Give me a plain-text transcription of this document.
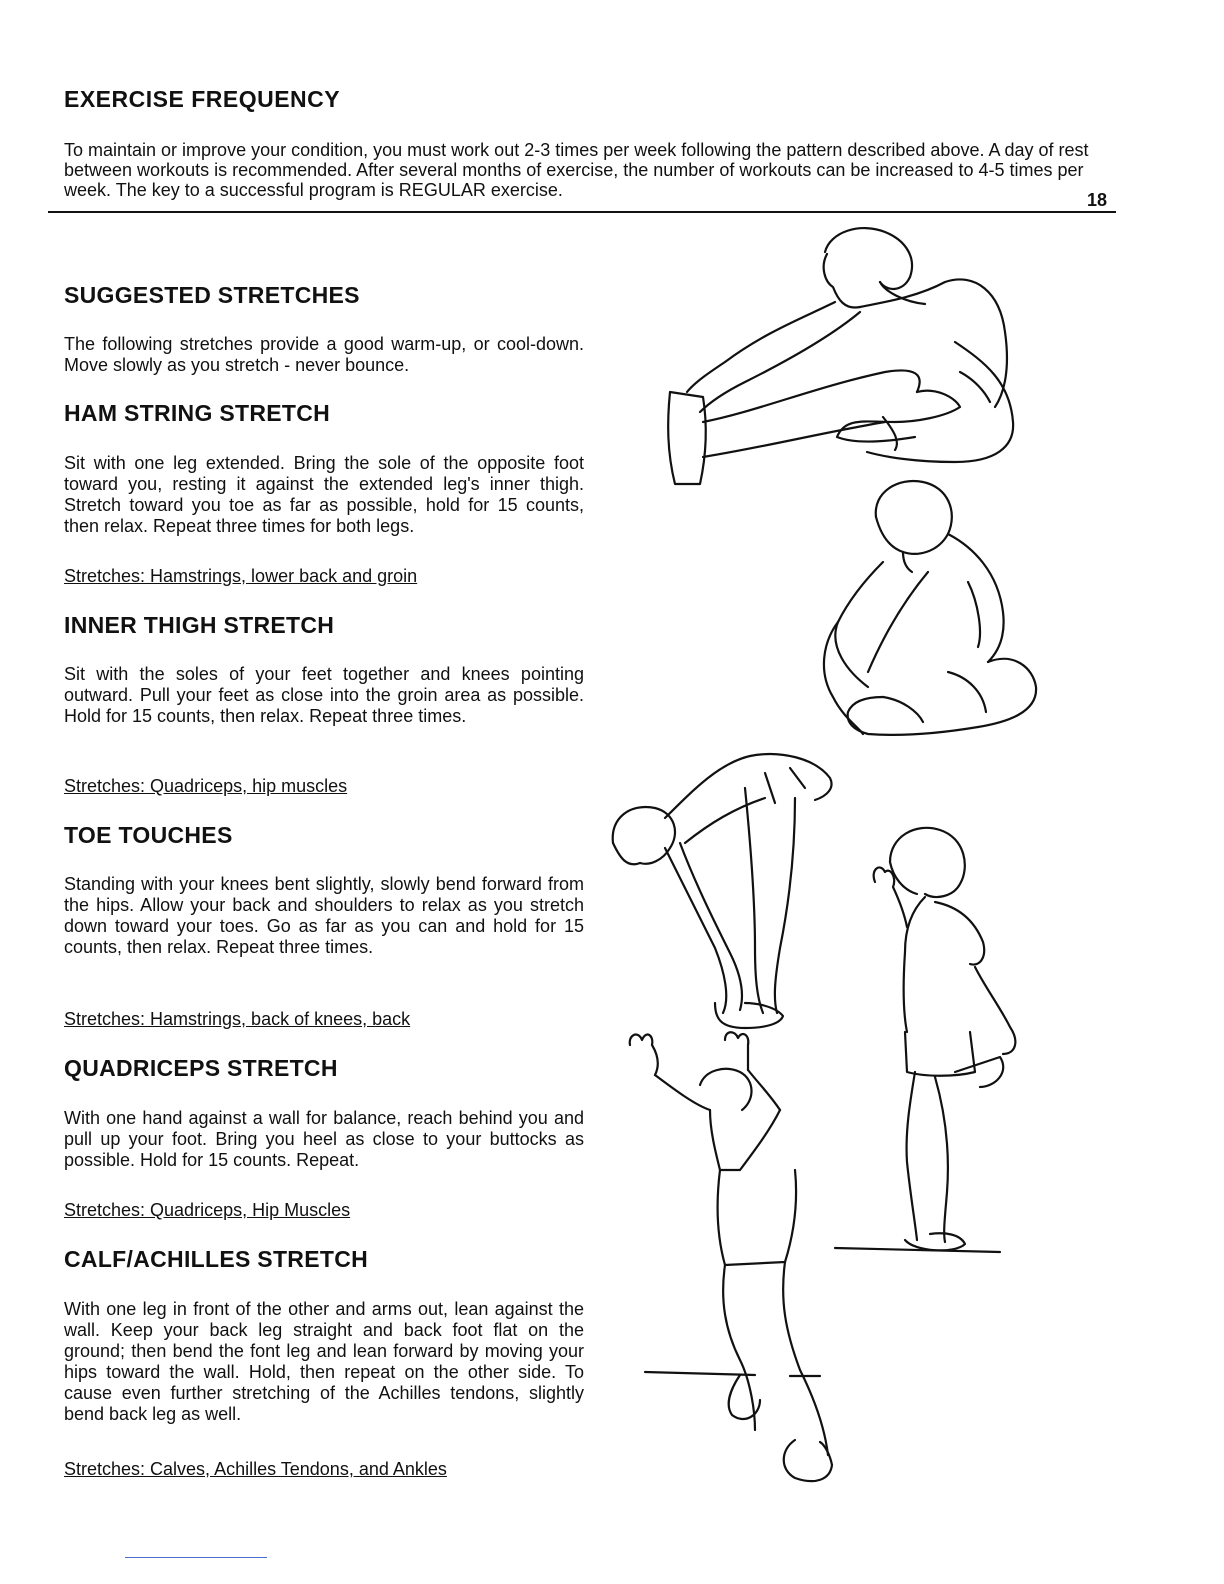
EXERCISE FREQUENCY

To maintain or improve your condition, you must work out 2-3 times per week following the pattern described above. A day of rest between workouts is recommended. After several months of exercise, the number of workouts can be increased to 4-5 times per week. The key to a successful program is REGULAR exercise.	18
SUGGESTED STRETCHES

The following stretches provide a good warm-up, or cool-down. Move slowly as you stretch - never bounce.

HAM STRING STRETCH

Sit with one leg extended. Bring the sole of the opposite foot toward you, resting it against the extended leg's inner thigh. Stretch toward you toe as far as possible, hold for 15 counts, then relax. Repeat three times for both legs.

Stretches: Hamstrings, lower back and groin

INNER THIGH STRETCH

Sit with the soles of your feet together and knees pointing outward. Pull your feet as close into the groin area as possible. Hold for 15 counts, then relax. Repeat three times.

Stretches: Quadriceps, hip muscles

TOE TOUCHES

Standing with your knees bent slightly, slowly bend forward from the hips. Allow your back and shoulders to relax as you stretch down toward your toes. Go as far as you can and hold for 15 counts, then relax. Repeat three times.

Stretches: Hamstrings, back of knees, back

QUADRICEPS STRETCH

With one hand against a wall for balance, reach behind you and pull up your foot. Bring you heel as close to your buttocks as possible. Hold for 15 counts. Repeat.

Stretches: Quadriceps, Hip Muscles

CALF/ACHILLES STRETCH

With one leg in front of the other and arms out, lean against the wall. Keep your back leg straight and back foot flat on the ground; then bend the font leg and lean forward by moving your hips toward the wall. Hold, then repeat on the other side. To cause even further stretching of the Achilles tendons, slightly bend back leg as well.

Stretches: Calves, Achilles Tendons, and Ankles
